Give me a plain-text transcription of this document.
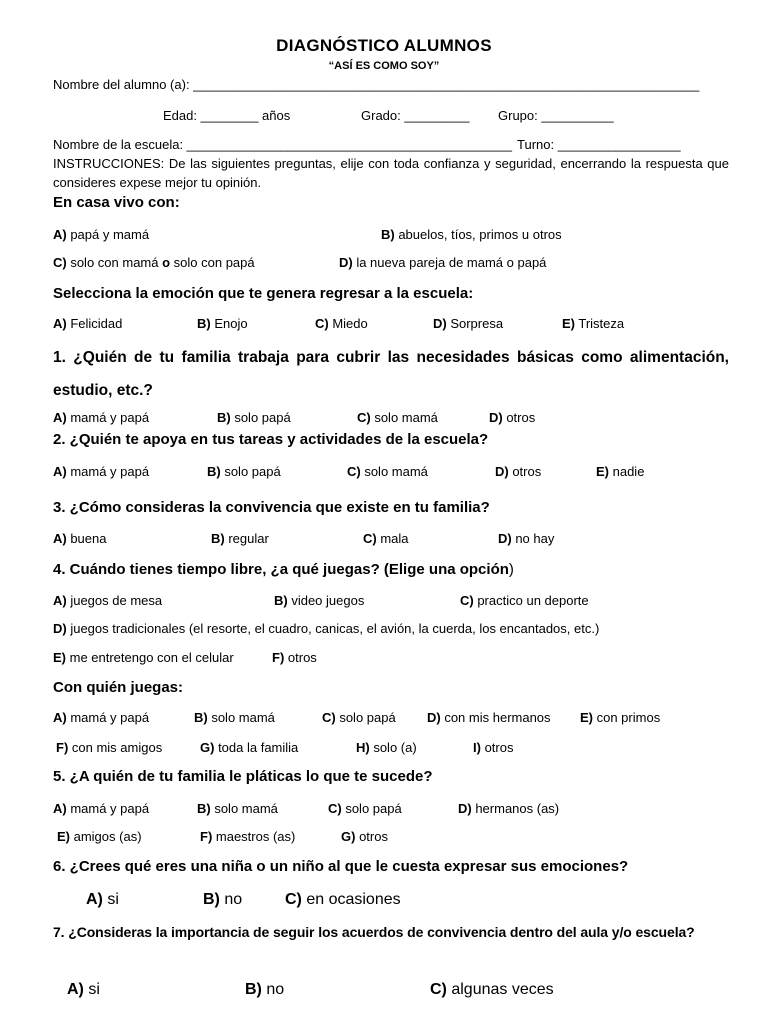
DIAGNÓSTICO ALUMNOS
“ASÍ ES COMO SOY”
Nombre del alumno (a): ______________________________________________________________________
Edad: ________ años	Grado: _________ Grupo: __________
Nombre de la escuela: _____________________________________________ Turno: _________________
INSTRUCCIONES: De las siguientes preguntas, elije con toda confianza y seguridad, encerrando la respuesta que consideres expese mejor tu opinión.
En casa vivo con:
A) papá y mamá	B) abuelos, tíos, primos u otros
C) solo con mamá o solo con papá	D) la nueva pareja de mamá o papá
Selecciona la emoción que te genera regresar a la escuela:
A) Felicidad	B) Enojo	C) Miedo	D) Sorpresa	E) Tristeza
1. ¿Quién de tu familia trabaja para cubrir las necesidades básicas como alimentación, estudio, etc.?
A) mamá y papá	B) solo papá	C) solo mamá	D) otros
2. ¿Quién te apoya en tus tareas y actividades de la escuela?
A) mamá y papá	B) solo papá	C) solo mamá	D) otros	E) nadie
3. ¿Cómo consideras la convivencia que existe en tu familia?
A) buena	B) regular	C) mala	D) no hay
4. Cuándo tienes tiempo libre, ¿a qué juegas? (Elige una opción)
A) juegos de mesa	B) video juegos	C) practico un deporte
D) juegos tradicionales (el resorte, el cuadro, canicas, el avión, la cuerda, los encantados, etc.)
E) me entretengo con el celular	F) otros
Con quién juegas:
A) mamá y papá	B) solo mamá	C) solo papá D) con mis hermanos E) con primos
F) con mis amigos	G) toda la familia	H) solo (a)	I) otros
5. ¿A quién de tu familia le pláticas lo que te sucede?
A) mamá y papá	B) solo mamá	C) solo papá	D) hermanos (as)
E) amigos (as)	F) maestros (as)	G) otros
6. ¿Crees qué eres una niña o un niño al que le cuesta expresar sus emociones?
A) si	B) no	C) en ocasiones
7. ¿Consideras la importancia de seguir los acuerdos de convivencia dentro del aula y/o escuela?
A) si	B) no	C) algunas veces
